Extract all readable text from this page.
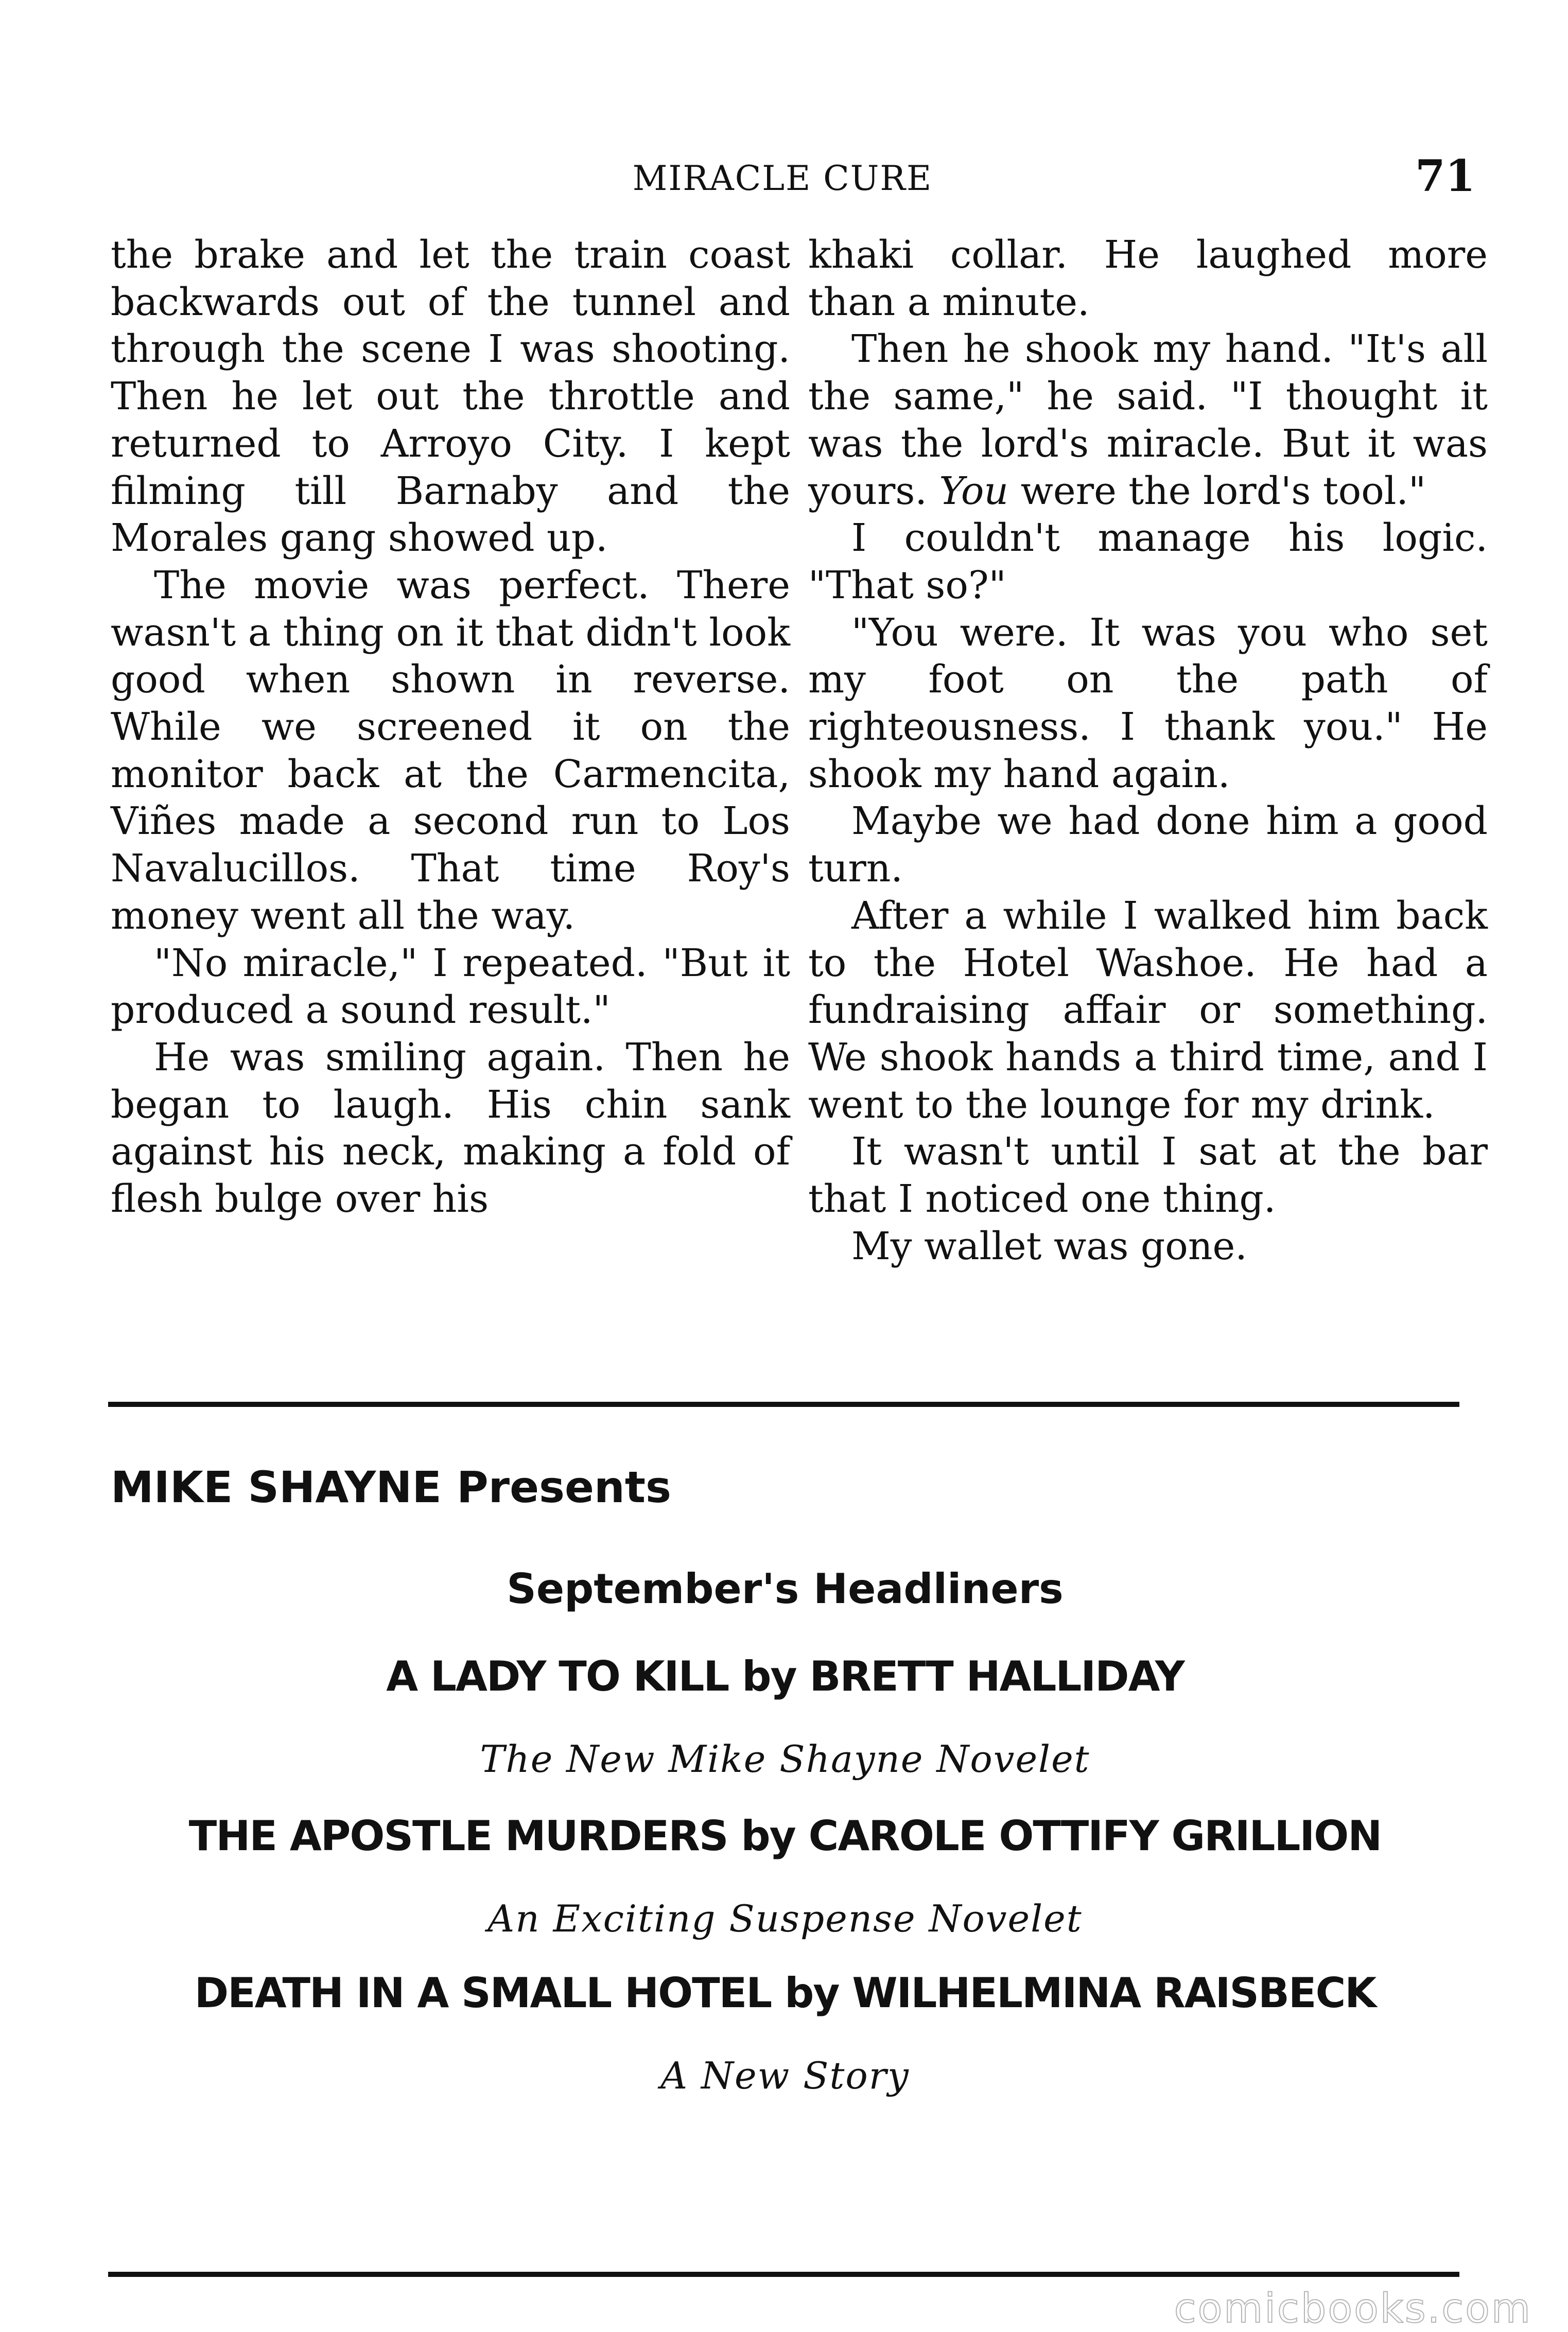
MIRACLE CURE	71

the brake and let the train coast backwards out of the tunnel and through the scene I was shooting. Then he let out the throttle and returned to Arroyo City. I kept filming till Barnaby and the Morales gang showed up.

The movie was perfect. There wasn't a thing on it that didn't look good when shown in reverse. While we screened it on the monitor back at the Carmencita, Viñes made a second run to Los Navalucillos. That time Roy's money went all the way.

"No miracle," I repeated. "But it produced a sound result."

He was smiling again. Then he began to laugh. His chin sank against his neck, making a fold of flesh bulge over his

khaki collar. He laughed more than a minute.

Then he shook my hand. "It's all the same," he said. "I thought it was the lord's miracle. But it was yours. You were the lord's tool."

I couldn't manage his logic. "That so?"

"You were. It was you who set my foot on the path of righteousness. I thank you." He shook my hand again.

Maybe we had done him a good turn.

After a while I walked him back to the Hotel Washoe. He had a fundraising affair or something. We shook hands a third time, and I went to the lounge for my drink.

It wasn't until I sat at the bar that I noticed one thing.

My wallet was gone.

MIKE SHAYNE Presents
September's Headliners
A LADY TO KILL by BRETT HALLIDAY
The New Mike Shayne Novelet
THE APOSTLE MURDERS by CAROLE OTTIFY GRILLION
An Exciting Suspense Novelet
DEATH IN A SMALL HOTEL by WILHELMINA RAISBECK
A New Story
comicbooks.com
